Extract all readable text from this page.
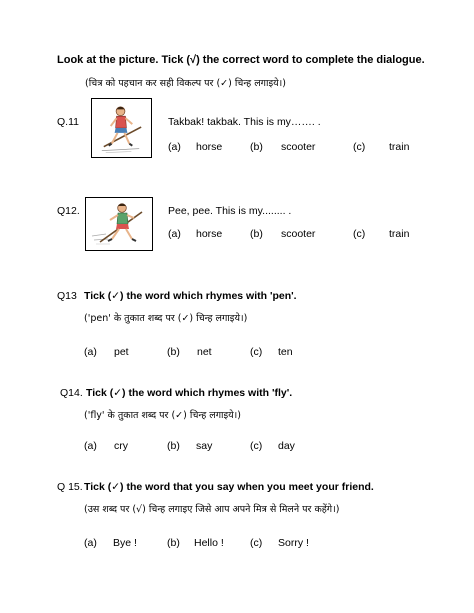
Look at the picture. Tick (√) the correct word to complete the dialogue.
(चित्र को पहचान कर सही विकल्प पर (✓) चिन्ह लगाइये।)
Q.11	Takbak! takbak. This is my……. .
(a) horse	(b) scooter	(c) train
Q12.	Pee, pee. This is my........ .
(a) horse	(b) scooter	(c) train
Q13 Tick (✓) the word which rhymes with 'pen'.
('pen' के तुकात शब्द पर (✓) चिन्ह लगाइये।)
(a) pet	(b) net	(c) ten
Q14. Tick (✓) the word which rhymes with 'fly'.
('fly' के तुकात शब्द पर (✓) चिन्ह लगाइये।)
(a) cry	(b) say	(c) day
Q 15. Tick (✓) the word that you say when you meet your friend.
(उस शब्द पर (√) चिन्ह लगाइए जिसे आप अपने मित्र से मिलने पर कहेंगे।)
(a) Bye !	(b) Hello ! (c) Sorry !
